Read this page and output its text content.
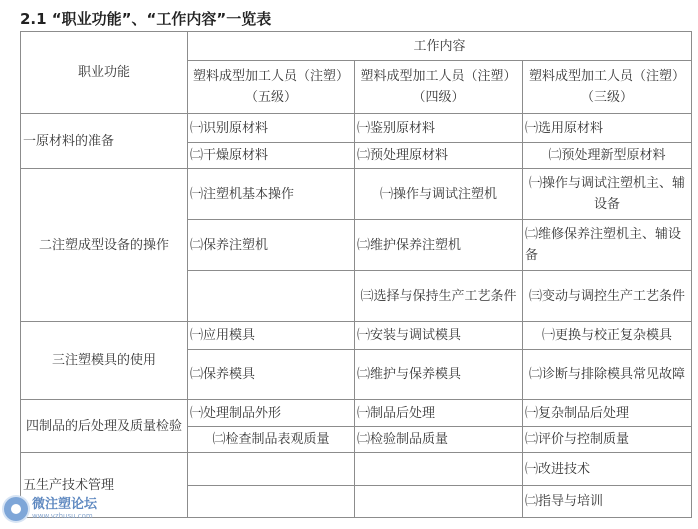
2.1 “职业功能”、“工作内容”一览表
职业功能	工作内容		
	塑料成型加工人员（注塑）（五级）	塑料成型加工人员（注塑）（四级）	塑料成型加工人员（注塑）（三级）
一原材料的准备	㈠识别原材料	㈠鉴别原材料	㈠选用原材料
	㈡干燥原材料	㈡预处理原材料	㈡预处理新型原材料
二注塑成型设备的操作	㈠注塑机基本操作	㈠操作与调试注塑机	㈠操作与调试注塑机主、辅设备
	㈡保养注塑机	㈡维护保养注塑机	㈡维修保养注塑机主、辅设备
		㈢选择与保持生产工艺条件	㈢变动与调控生产工艺条件
三注塑模具的使用	㈠应用模具	㈠安装与调试模具	㈠更换与校正复杂模具
	㈡保养模具	㈡维护与保养模具	㈡诊断与排除模具常见故障
四制品的后处理及质量检验	㈠处理制品外形	㈠制品后处理	㈠复杂制品后处理
	㈡检查制品表观质量	㈡检验制品质量	㈡评价与控制质量
五生产技术管理			㈠改进技术
			㈡指导与培训
微注塑论坛
www.vzhusu.com
